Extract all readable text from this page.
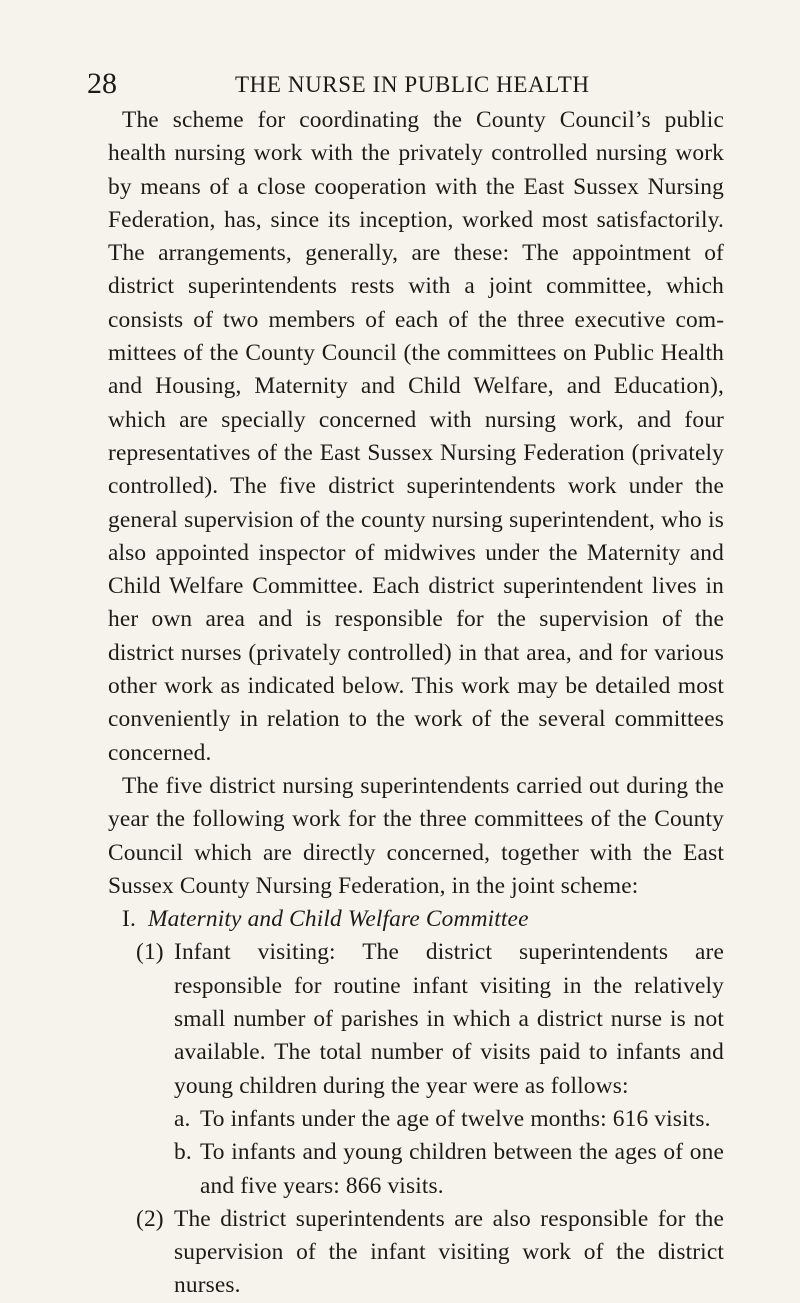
28	THE NURSE IN PUBLIC HEALTH

The scheme for coordinating the County Council’s public health nursing work with the privately controlled nursing work by means of a close cooperation with the East Sussex Nursing Federation, has, since its inception, worked most satisfactorily. The arrangements, generally, are these: The appointment of district superintendents rests with a joint committee, which consists of two members of each of the three executive committees of the County Council (the committees on Public Health and Housing, Maternity and Child Welfare, and Education), which are specially concerned with nursing work, and four representatives of the East Sussex Nursing Federation (privately controlled). The five district superintendents work under the general supervision of the county nursing superintendent, who is also appointed inspector of midwives under the Maternity and Child Welfare Committee. Each district superintendent lives in her own area and is responsible for the supervision of the district nurses (privately controlled) in that area, and for various other work as indicated below. This work may be detailed most conveniently in relation to the work of the several committees concerned.

The five district nursing superintendents carried out during the year the following work for the three committees of the County Council which are directly concerned, together with the East Sussex County Nursing Federation, in the joint scheme:

I. Maternity and Child Welfare Committee

(1) Infant visiting: The district superintendents are responsible for routine infant visiting in the relatively small number of parishes in which a district nurse is not available. The total number of visits paid to infants and young children during the year were as follows:

a. To infants under the age of twelve months: 616 visits.

b. To infants and young children between the ages of one and five years: 866 visits.

(2) The district superintendents are also responsible for the supervision of the infant visiting work of the district nurses.
